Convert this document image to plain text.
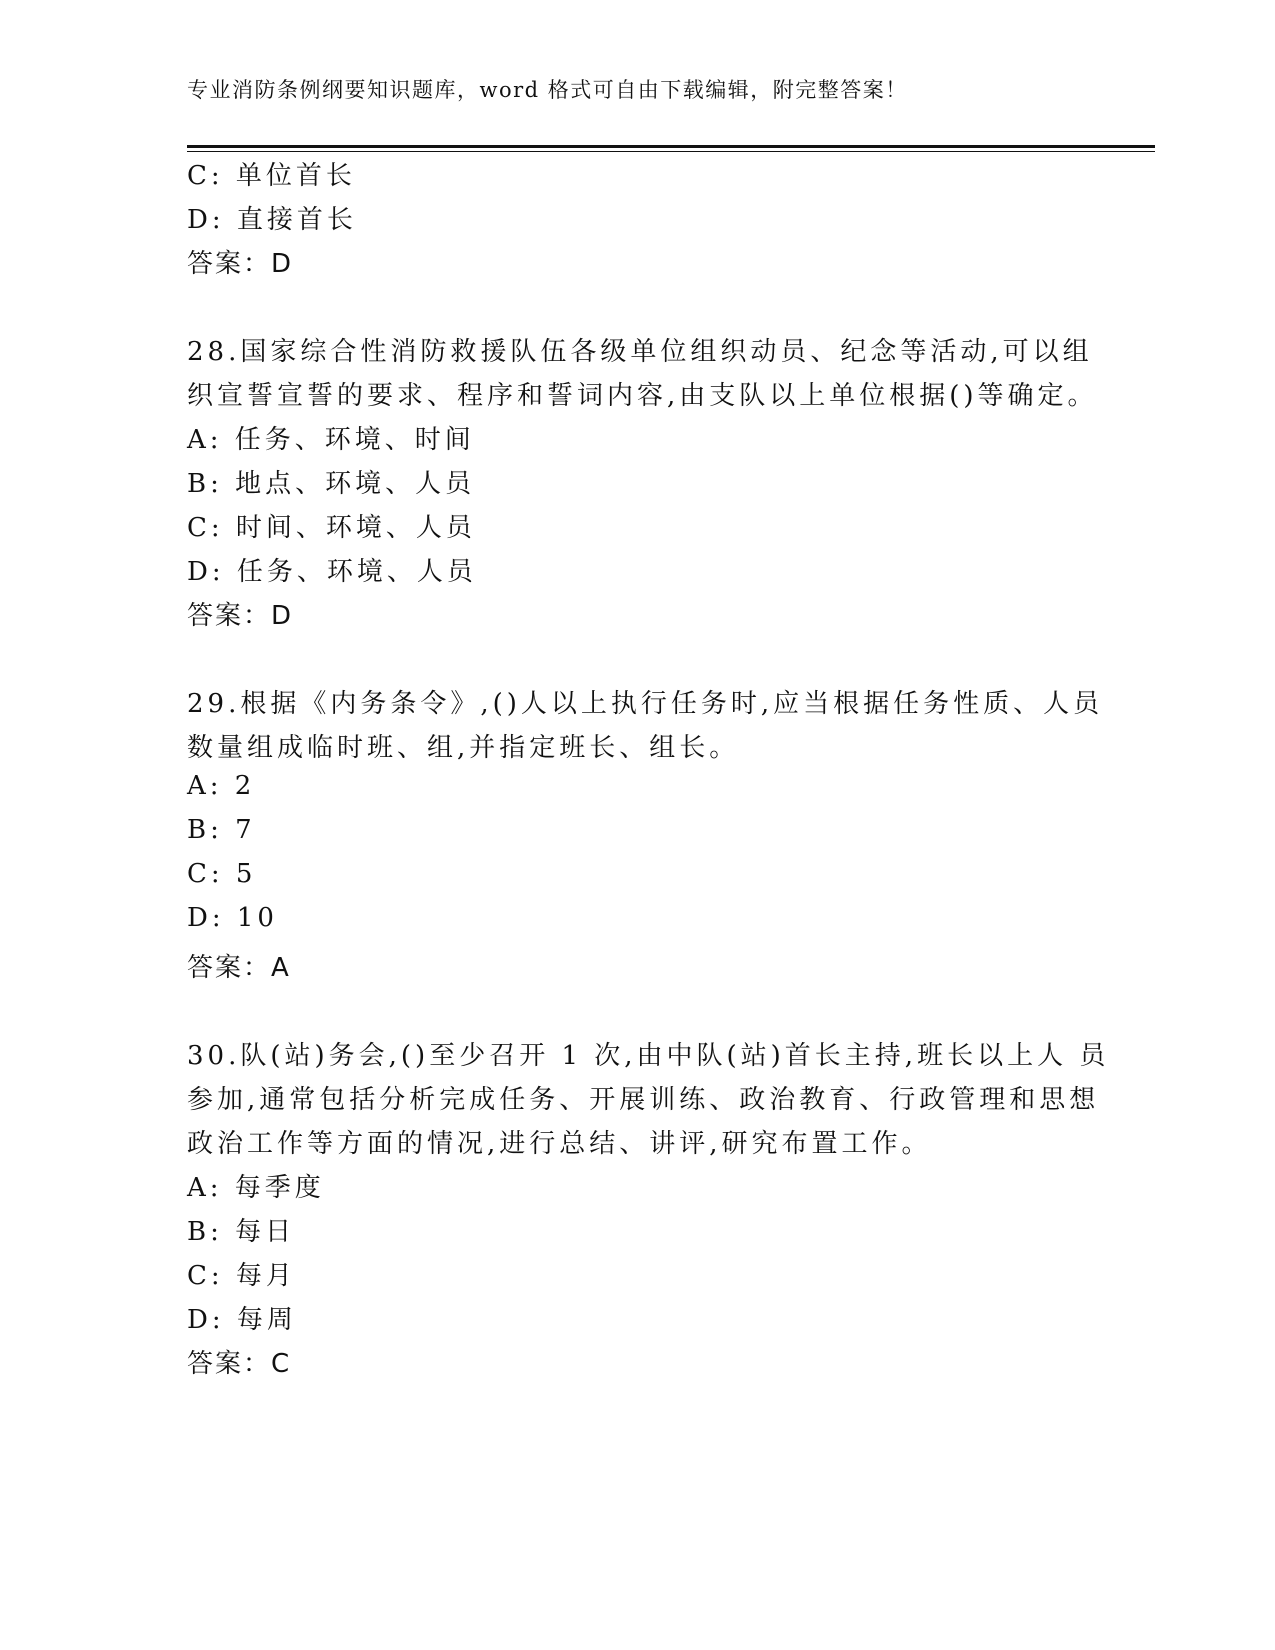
专业消防条例纲要知识题库，word 格式可自由下载编辑，附完整答案！
C: 单位首长
D: 直接首长
答案：D
28.国家综合性消防救援队伍各级单位组织动员、纪念等活动,可以组
织宣誓宣誓的要求、程序和誓词内容,由支队以上单位根据()等确定。
A: 任务、环境、时间
B: 地点、环境、人员
C: 时间、环境、人员
D: 任务、环境、人员
答案：D
29.根据《内务条令》,()人以上执行任务时,应当根据任务性质、人员
数量组成临时班、组,并指定班长、组长。
A: 2
B: 7
C: 5
D: 10
答案：A
30.队(站)务会,()至少召开 1 次,由中队(站)首长主持,班长以上人 员
参加,通常包括分析完成任务、开展训练、政治教育、行政管理和思想
政治工作等方面的情况,进行总结、讲评,研究布置工作。
A: 每季度
B: 每日
C: 每月
D: 每周
答案：C
